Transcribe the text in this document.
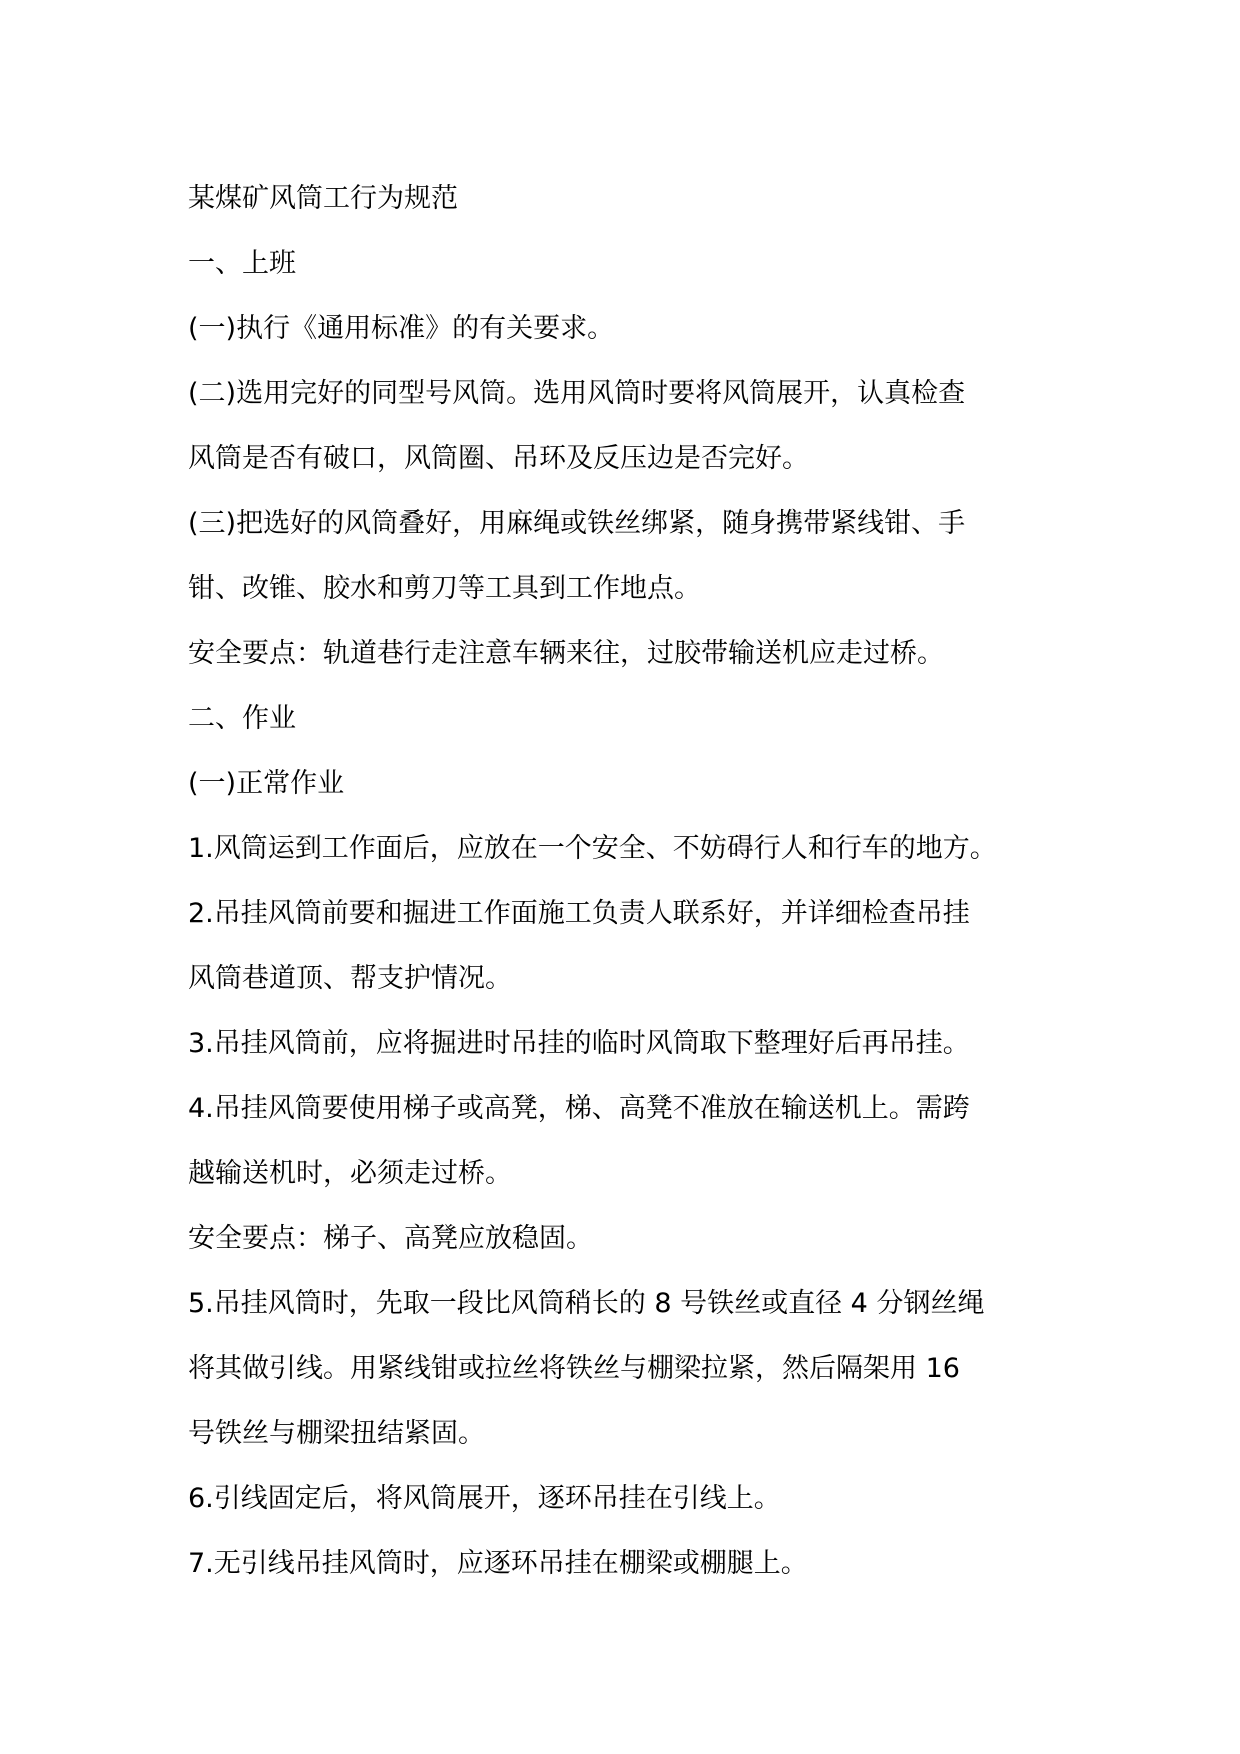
某煤矿风筒工行为规范
一、上班
(一)执行《通用标准》的有关要求。
(二)选用完好的同型号风筒。选用风筒时要将风筒展开，认真检查
风筒是否有破口，风筒圈、吊环及反压边是否完好。
(三)把选好的风筒叠好，用麻绳或铁丝绑紧，随身携带紧线钳、手
钳、改锥、胶水和剪刀等工具到工作地点。
安全要点：轨道巷行走注意车辆来往，过胶带输送机应走过桥。
二、作业
(一)正常作业
1.风筒运到工作面后，应放在一个安全、不妨碍行人和行车的地方。
2.吊挂风筒前要和掘进工作面施工负责人联系好，并详细检查吊挂
风筒巷道顶、帮支护情况。
3.吊挂风筒前，应将掘进时吊挂的临时风筒取下整理好后再吊挂。
4.吊挂风筒要使用梯子或高凳，梯、高凳不准放在输送机上。需跨
越输送机时，必须走过桥。
安全要点：梯子、高凳应放稳固。
5.吊挂风筒时，先取一段比风筒稍长的 8 号铁丝或直径 4 分钢丝绳
将其做引线。用紧线钳或拉丝将铁丝与棚梁拉紧，然后隔架用 16
号铁丝与棚梁扭结紧固。
6.引线固定后，将风筒展开，逐环吊挂在引线上。
7.无引线吊挂风筒时，应逐环吊挂在棚梁或棚腿上。
